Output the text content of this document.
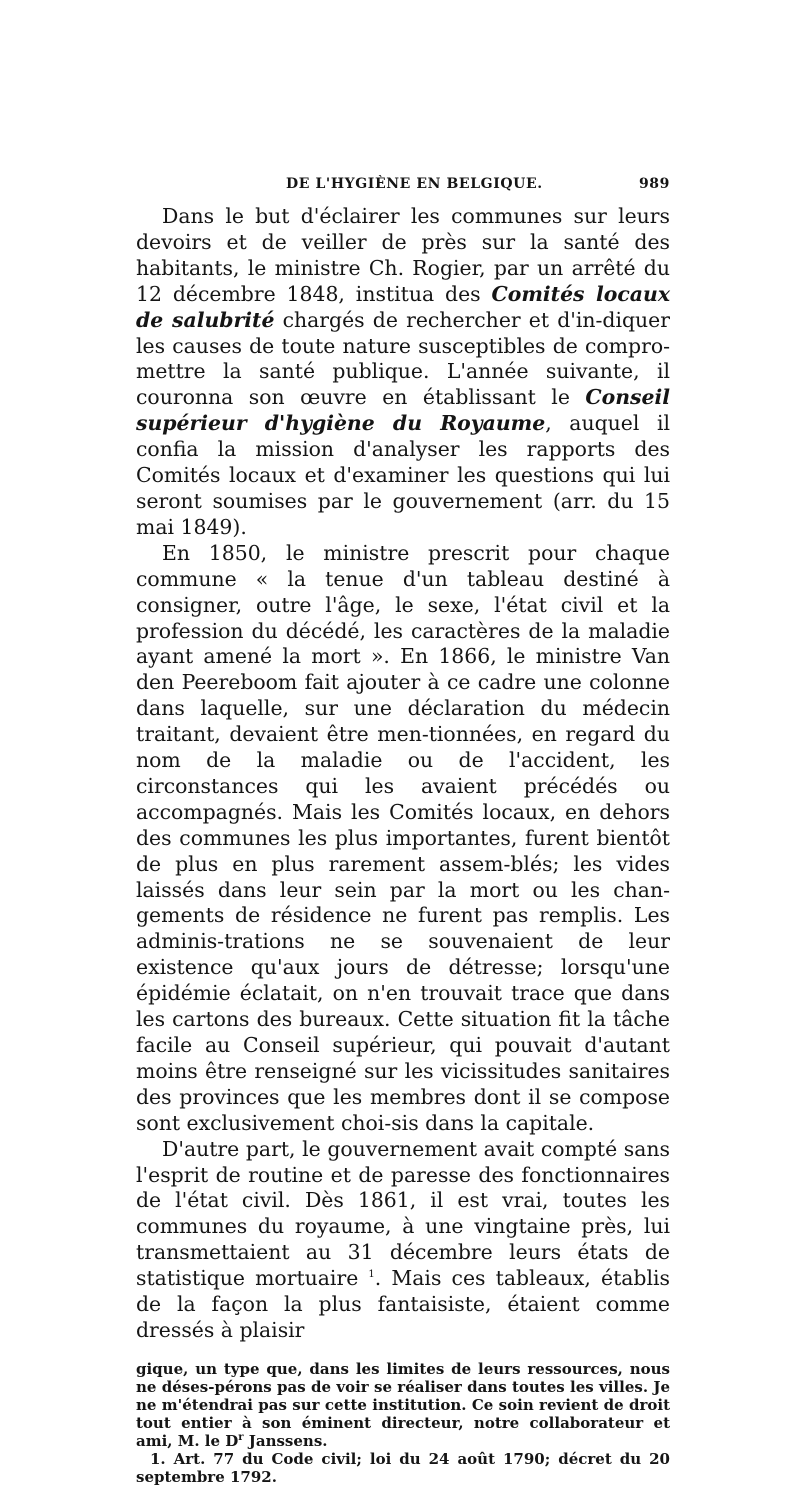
DE L'HYGIÈNE EN BELGIQUE.	989

Dans le but d'éclairer les communes sur leurs devoirs et de veiller de près sur la santé des habitants, le ministre Ch. Rogier, par un arrêté du 12 décembre 1848, institua des Comités locaux de salubrité chargés de rechercher et d'in-diquer les causes de toute nature susceptibles de compro-mettre la santé publique. L'année suivante, il couronna son œuvre en établissant le Conseil supérieur d'hygiène du Royaume, auquel il confia la mission d'analyser les rapports des Comités locaux et d'examiner les questions qui lui seront soumises par le gouvernement (arr. du 15 mai 1849).

En 1850, le ministre prescrit pour chaque commune « la tenue d'un tableau destiné à consigner, outre l'âge, le sexe, l'état civil et la profession du décédé, les caractères de la maladie ayant amené la mort ». En 1866, le ministre Van den Peereboom fait ajouter à ce cadre une colonne dans laquelle, sur une déclaration du médecin traitant, devaient être men-tionnées, en regard du nom de la maladie ou de l'accident, les circonstances qui les avaient précédés ou accompagnés. Mais les Comités locaux, en dehors des communes les plus importantes, furent bientôt de plus en plus rarement assem-blés; les vides laissés dans leur sein par la mort ou les chan-gements de résidence ne furent pas remplis. Les adminis-trations ne se souvenaient de leur existence qu'aux jours de détresse; lorsqu'une épidémie éclatait, on n'en trouvait trace que dans les cartons des bureaux. Cette situation fit la tâche facile au Conseil supérieur, qui pouvait d'autant moins être renseigné sur les vicissitudes sanitaires des provinces que les membres dont il se compose sont exclusivement choi-sis dans la capitale.

D'autre part, le gouvernement avait compté sans l'esprit de routine et de paresse des fonctionnaires de l'état civil. Dès 1861, il est vrai, toutes les communes du royaume, à une vingtaine près, lui transmettaient au 31 décembre leurs états de statistique mortuaire $^1$. Mais ces tableaux, établis de la façon la plus fantaisiste, étaient comme dressés à plaisir

gique, un type que, dans les limites de leurs ressources, nous ne déses-pérons pas de voir se réaliser dans toutes les villes. Je ne m'étendrai pas sur cette institution. Ce soin revient de droit tout entier à son éminent directeur, notre collaborateur et ami, M. le $D^r$ Janssens.

1. Art. 77 du Code civil; loi du 24 août 1790; décret du 20 septembre 1792.
